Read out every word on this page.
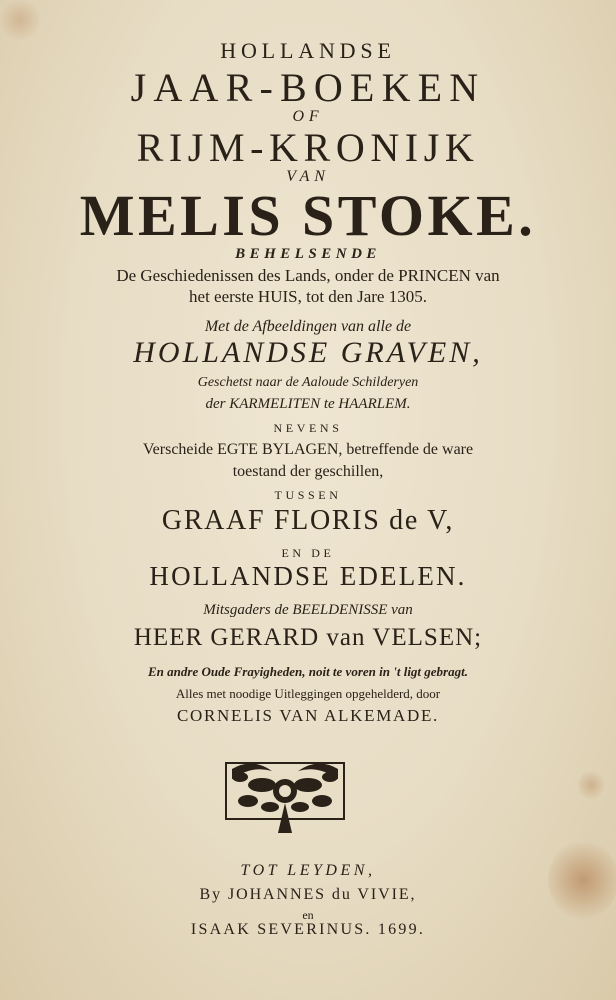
HOLLANDSE
JAAR-BOEKEN
OF
RIJM-KRONIJK
VAN
MELIS STOKE.
BEHELSENDE
De Geschiedenissen des Lands, onder de PRINCEN van
het eerste HUIS, tot den Jare 1305.
Met de Afbeeldingen van alle de
HOLLANDSE GRAVEN,
Geschetst naar de Aaloude Schilderyen
der KARMELITEN te HAARLEM.
NEVENS
Verscheide EGTE BYLAGEN, betreffende de ware
toestand der geschillen,
TUSSEN
GRAAF FLORIS de V,
EN DE
HOLLANDSE EDELEN.
Mitsgaders de BEELDENISSE van
HEER GERARD van VELSEN;
En andre Oude Frayigheden, noit te voren in 't ligt gebragt.
Alles met noodige Uitleggingen opgehelderd, door
CORNELIS VAN ALKEMADE.
TOT LEYDEN,
By JOHANNES du VIVIE,
en
ISAAK SEVERINUS. 1699.
